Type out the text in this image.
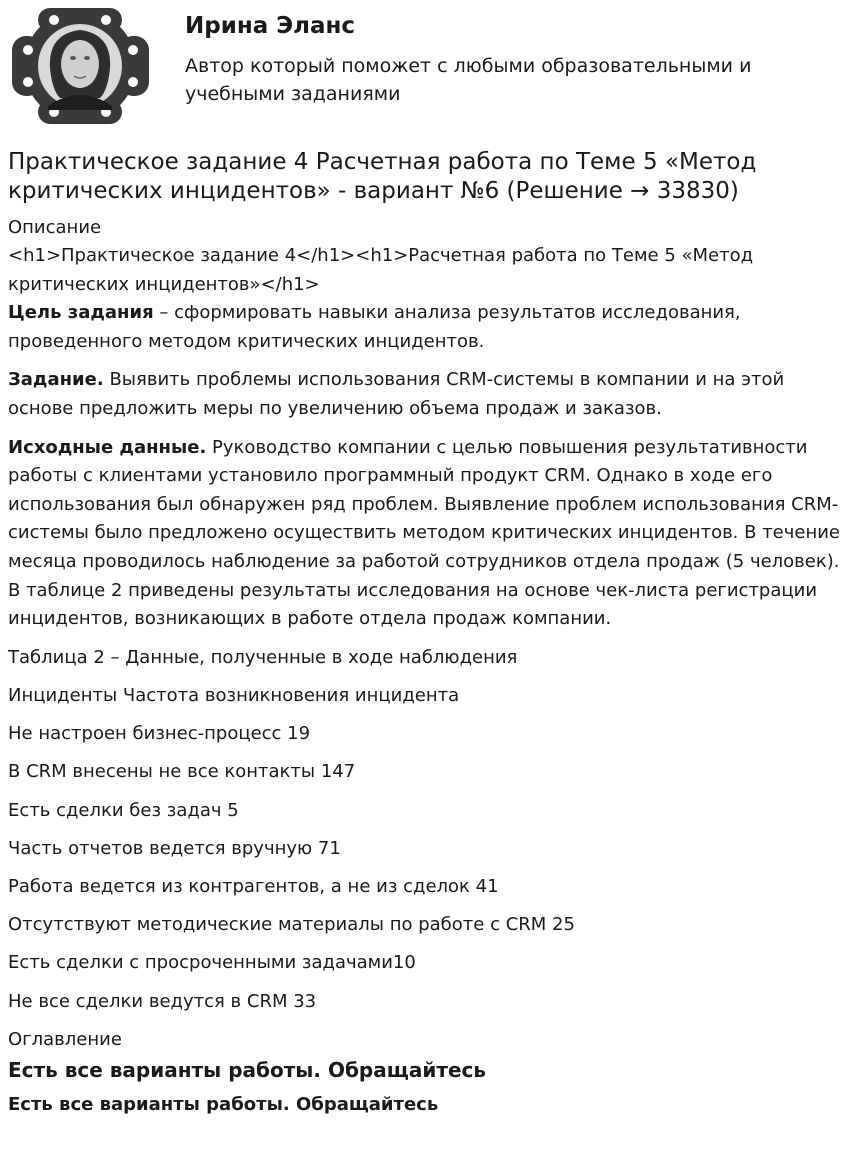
Ирина Эланс

Автор который поможет с любыми образовательными и учебными заданиями

Практическое задание 4 Расчетная работа по Теме 5 «Метод критических инцидентов» - вариант №6 (Решение → 33830)

Описание

<h1>Практическое задание 4</h1><h1>Расчетная работа по Теме 5 «Метод критических инцидентов»</h1>

Цель задания – сформировать навыки анализа результатов исследования, проведенного методом критических инцидентов.

Задание. Выявить проблемы использования CRM-системы в компании и на этой основе предложить меры по увеличению объема продаж и заказов.

Исходные данные. Руководство компании с целью повышения результативности работы с клиентами установило программный продукт CRM. Однако в ходе его использования был обнаружен ряд проблем. Выявление проблем использования CRM-системы было предложено осуществить методом критических инцидентов. В течение месяца проводилось наблюдение за работой сотрудников отдела продаж (5 человек). В таблице 2 приведены результаты исследования на основе чек-листа регистрации инцидентов, возникающих в работе отдела продаж компании.

Таблица 2 – Данные, полученные в ходе наблюдения

Инциденты Частота возникновения инцидента

Не настроен бизнес-процесс 19

В CRM внесены не все контакты 147

Есть сделки без задач 5

Часть отчетов ведется вручную 71

Работа ведется из контрагентов, а не из сделок 41

Отсутствуют методические материалы по работе с CRM 25

Есть сделки с просроченными задачами10

Не все сделки ведутся в CRM 33

Оглавление

Есть все варианты работы. Обращайтесь

Есть все варианты работы. Обращайтесь
